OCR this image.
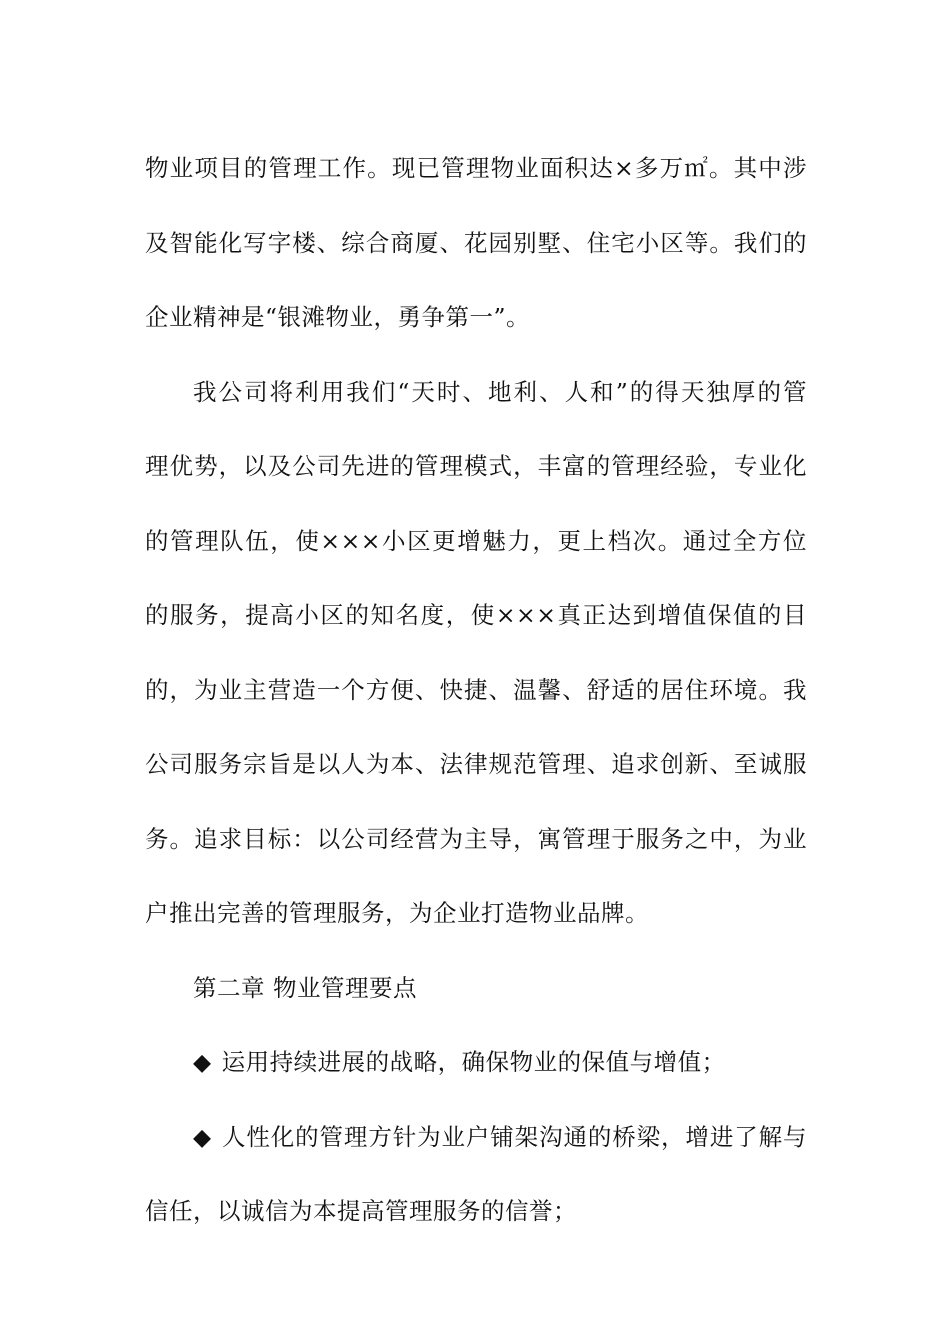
物业项目的管理工作。现已管理物业面积达×多万㎡。其中涉
及智能化写字楼、综合商厦、花园别墅、住宅小区等。我们的
企业精神是“银滩物业，勇争第一”。

我公司将利用我们“天时、地利、人和”的得天独厚的管
理优势，以及公司先进的管理模式，丰富的管理经验，专业化
的管理队伍，使×××小区更增魅力，更上档次。通过全方位
的服务，提高小区的知名度，使×××真正达到增值保值的目
的，为业主营造一个方便、快捷、温馨、舒适的居住环境。我
公司服务宗旨是以人为本、法律规范管理、追求创新、至诚服
务。追求目标：以公司经营为主导，寓管理于服务之中，为业
户推出完善的管理服务，为企业打造物业品牌。

第二章 物业管理要点

◆ 运用持续进展的战略，确保物业的保值与增值；

◆ 人性化的管理方针为业户铺架沟通的桥梁，增进了解与
信任，以诚信为本提高管理服务的信誉；
